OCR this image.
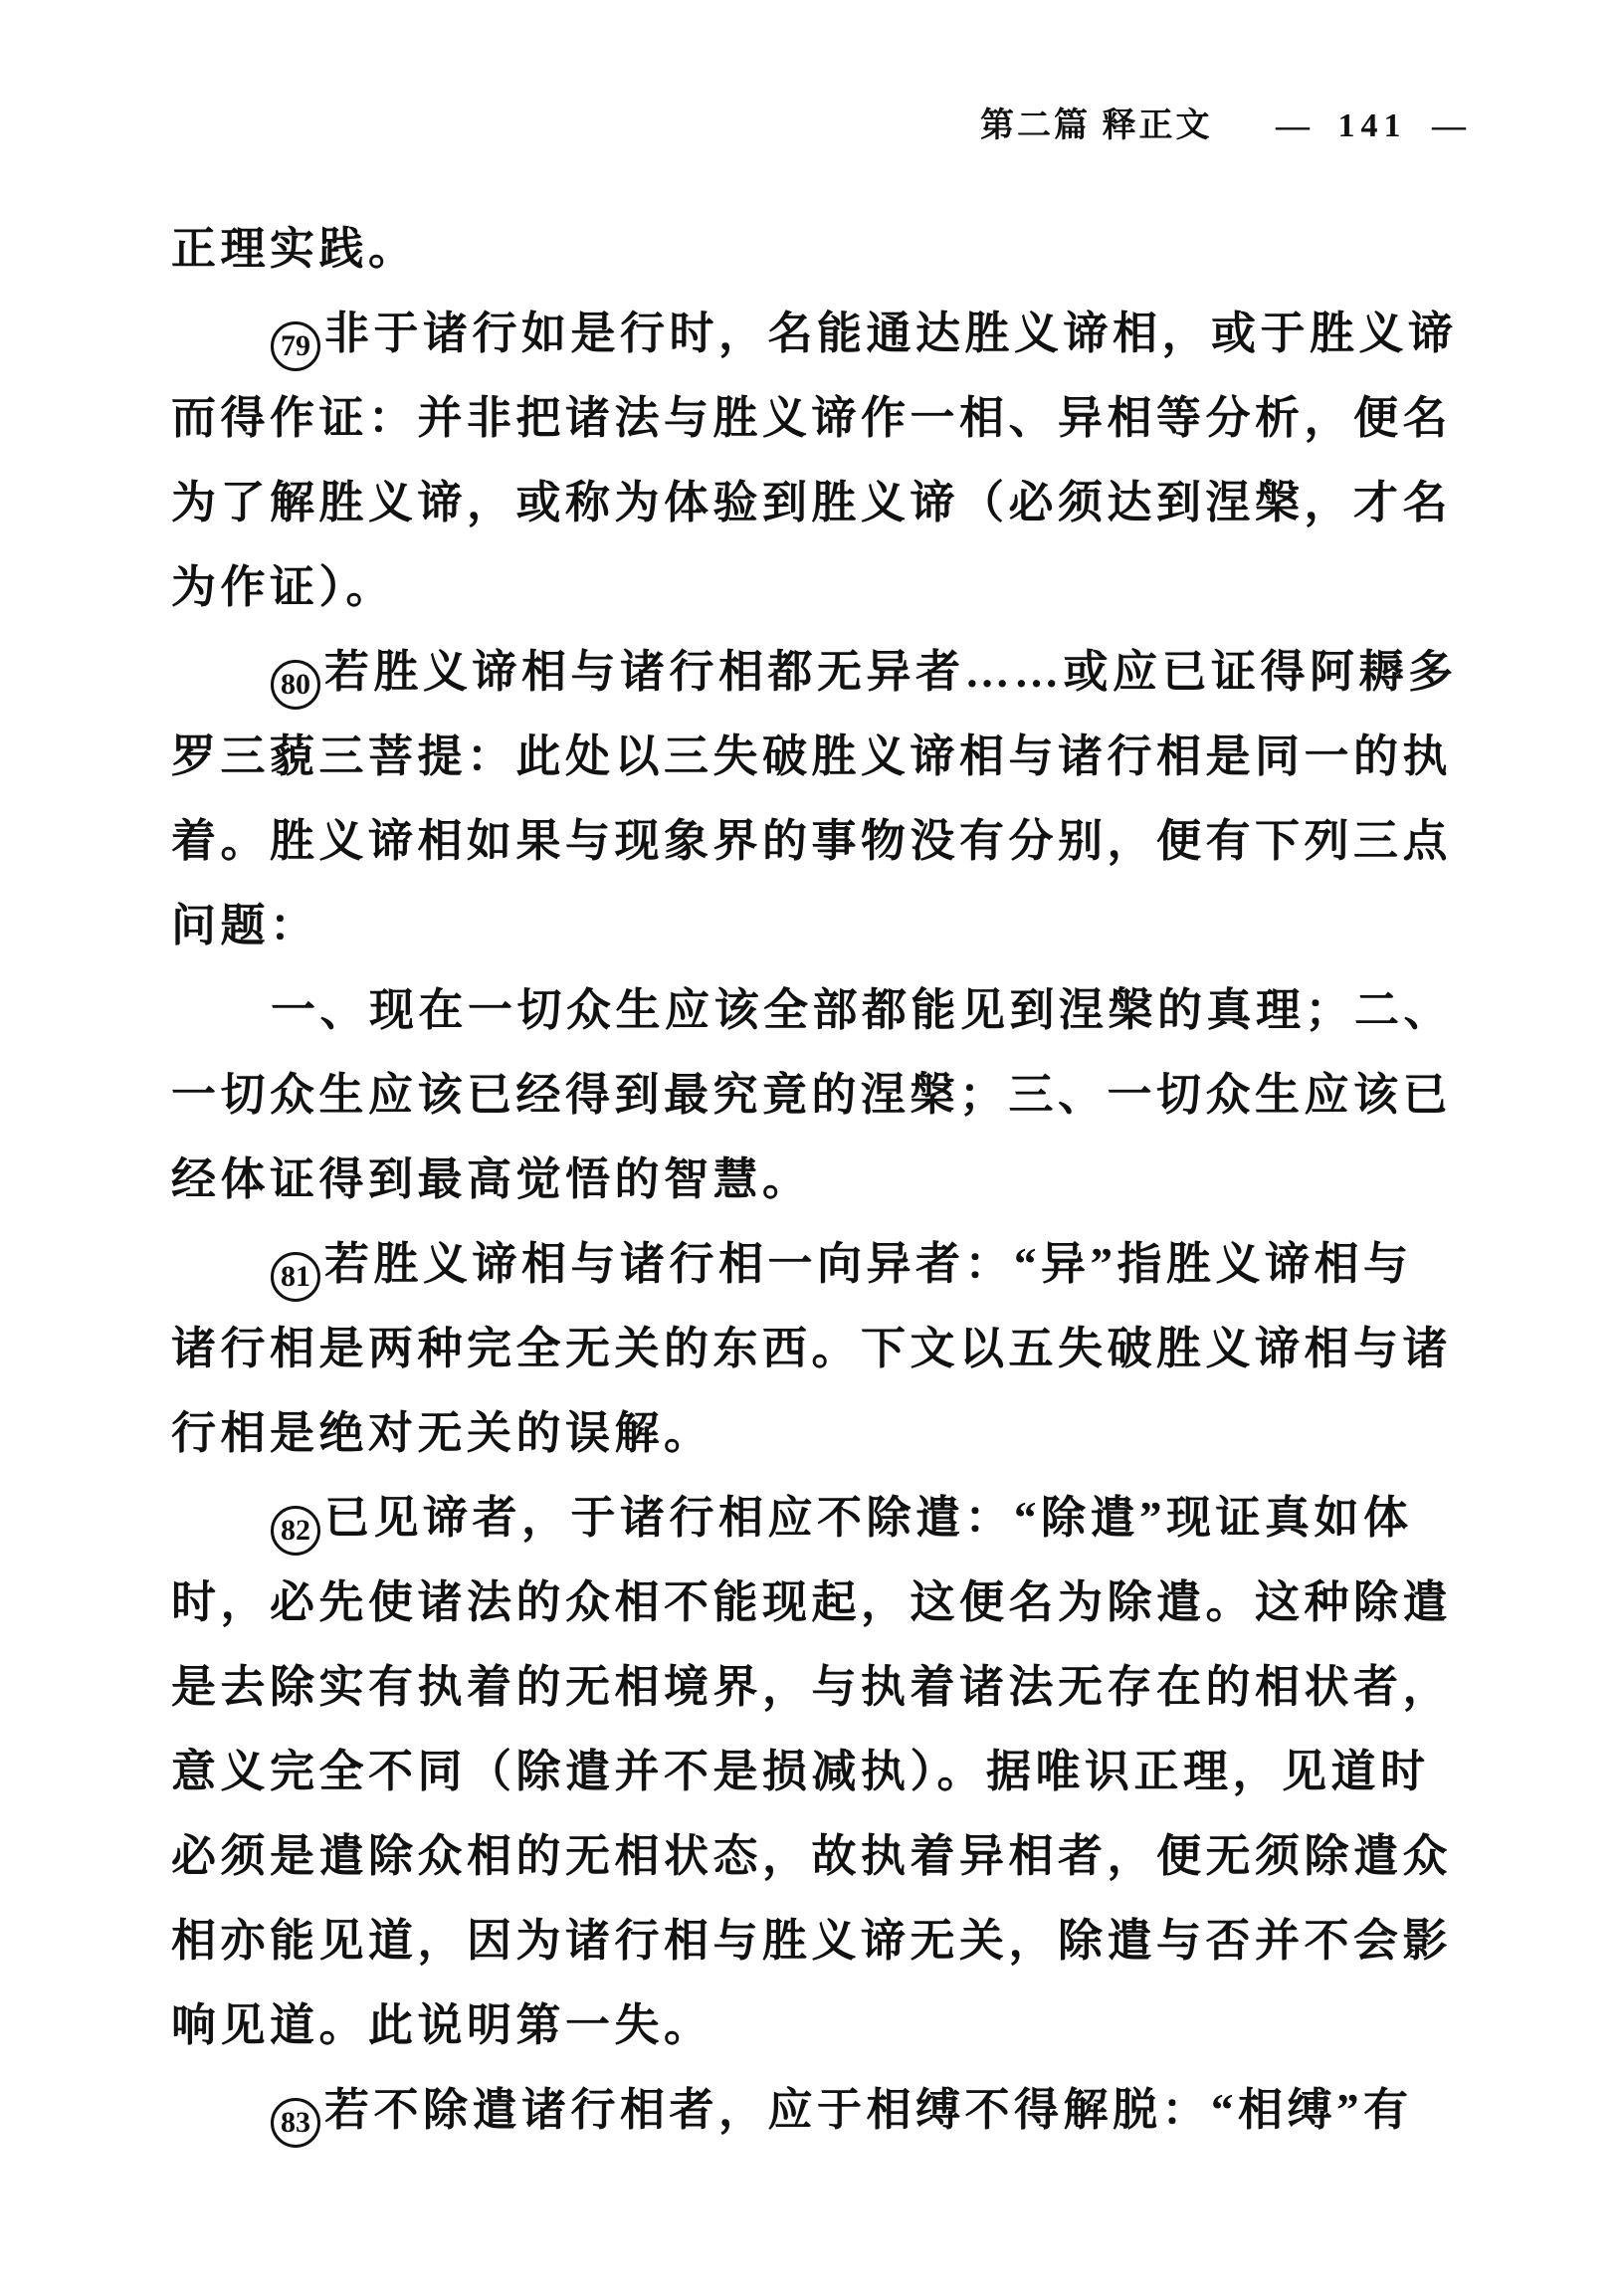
第二篇 释正文 — 141 —
正理实践。
79 非于诸行如是行时，名能通达胜义谛相，或于胜义谛
而得作证：并非把诸法与胜义谛作一相、异相等分析，便名
为了解胜义谛，或称为体验到胜义谛（必须达到涅槃，才名
为作证）。
80 若胜义谛相与诸行相都无异者……或应已证得阿耨多
罗三藐三菩提：此处以三失破胜义谛相与诸行相是同一的执
着。胜义谛相如果与现象界的事物没有分别，便有下列三点
问题：
一、现在一切众生应该全部都能见到涅槃的真理；二、
一切众生应该已经得到最究竟的涅槃；三、一切众生应该已
经体证得到最高觉悟的智慧。
81 若胜义谛相与诸行相一向异者：“异”指胜义谛相与
诸行相是两种完全无关的东西。下文以五失破胜义谛相与诸
行相是绝对无关的误解。
82 已见谛者，于诸行相应不除遣：“除遣”现证真如体
时，必先使诸法的众相不能现起，这便名为除遣。这种除遣
是去除实有执着的无相境界，与执着诸法无存在的相状者，
意义完全不同（除遣并不是损减执）。据唯识正理，见道时
必须是遣除众相的无相状态，故执着异相者，便无须除遣众
相亦能见道，因为诸行相与胜义谛无关，除遣与否并不会影
响见道。此说明第一失。
83 若不除遣诸行相者，应于相缚不得解脱：“相缚”有
